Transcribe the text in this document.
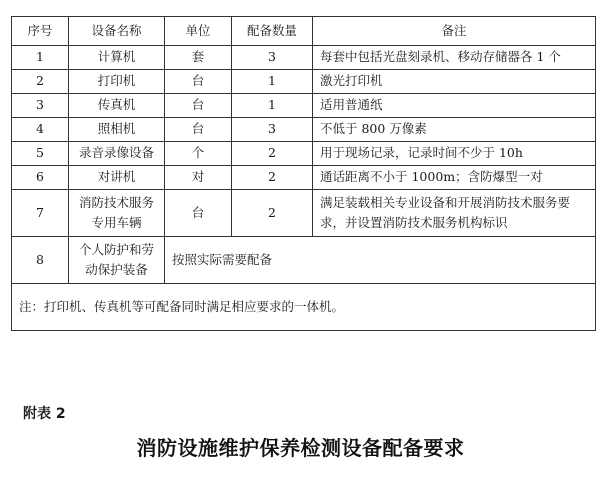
序号	设备名称	单位	配备数量	备注
1	计算机	套	3	每套中包括光盘刻录机、移动存储器各 1 个
2	打印机	台	1	激光打印机
3	传真机	台	1	适用普通纸
4	照相机	台	3	不低于 800 万像素
5	录音录像设备	个	2	用于现场记录，记录时间不少于 10h
6	对讲机	对	2	通话距离不小于 1000m；含防爆型一对
7	消防技术服务专用车辆	台	2	满足装载相关专业设备和开展消防技术服务要求，并设置消防技术服务机构标识
8	个人防护和劳动保护装备	按照实际需要配备		
注：打印机、传真机等可配备同时满足相应要求的一体机。				
附表 2
消防设施维护保养检测设备配备要求
